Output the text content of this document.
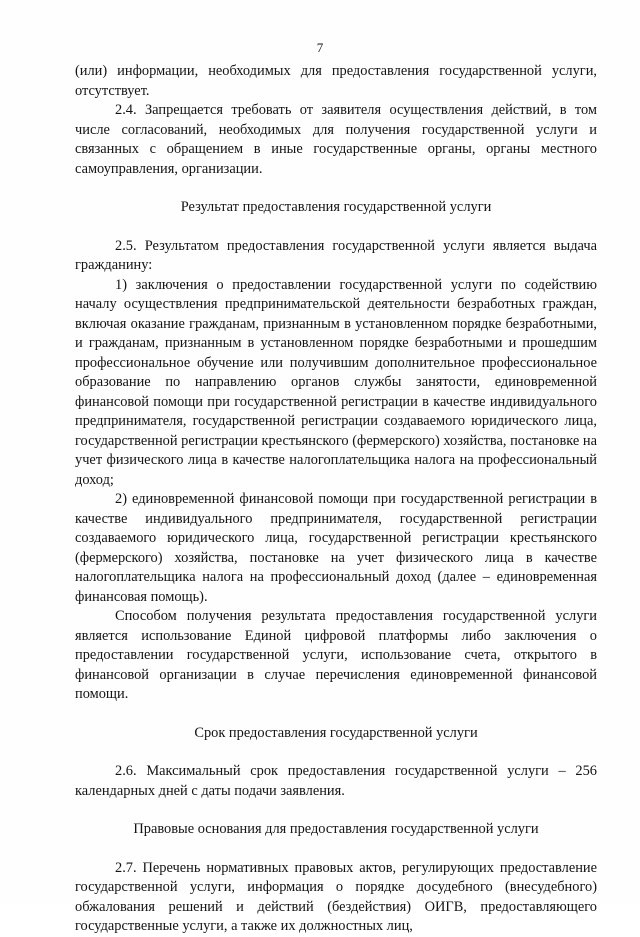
7

(или) информации, необходимых для предоставления государственной услуги, отсутствует.

2.4. Запрещается требовать от заявителя осуществления действий, в том числе согласований, необходимых для получения государственной услуги и связанных с обращением в иные государственные органы, органы местного самоуправления, организации.

Результат предоставления государственной услуги

2.5. Результатом предоставления государственной услуги является выдача гражданину:

1) заключения о предоставлении государственной услуги по содействию началу осуществления предпринимательской деятельности безработных граждан, включая оказание гражданам, признанным в установленном порядке безработными, и гражданам, признанным в установленном порядке безработными и прошедшим профессиональное обучение или получившим дополнительное профессиональное образование по направлению органов службы занятости, единовременной финансовой помощи при государственной регистрации в качестве индивидуального предпринимателя, государственной регистрации создаваемого юридического лица, государственной регистрации крестьянского (фермерского) хозяйства, постановке на учет физического лица в качестве налогоплательщика налога на профессиональный доход;

2) единовременной финансовой помощи при государственной регистрации в качестве индивидуального предпринимателя, государственной регистрации создаваемого юридического лица, государственной регистрации крестьянского (фермерского) хозяйства, постановке на учет физического лица в качестве налогоплательщика налога на профессиональный доход (далее – единовременная финансовая помощь).

Способом получения результата предоставления государственной услуги является использование Единой цифровой платформы либо заключения о предоставлении государственной услуги, использование счета, открытого в финансовой организации в случае перечисления единовременной финансовой помощи.

Срок предоставления государственной услуги

2.6. Максимальный срок предоставления государственной услуги – 256 календарных дней с даты подачи заявления.

Правовые основания для предоставления государственной услуги

2.7. Перечень нормативных правовых актов, регулирующих предоставление государственной услуги, информация о порядке досудебного (внесудебного) обжалования решений и действий (бездействия) ОИГВ, предоставляющего государственные услуги, а также их должностных лиц,
